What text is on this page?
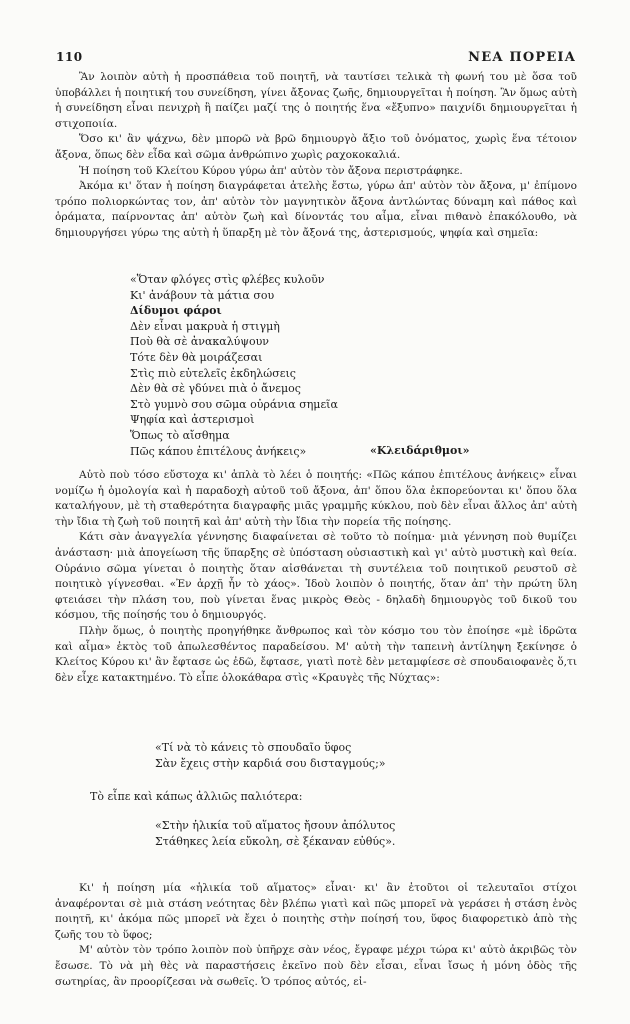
110	ΝΕΑ ΠΟΡΕΙΑ

Ἂν λοιπὸν αὐτὴ ἡ προσπάθεια τοῦ ποιητῆ, νὰ ταυτίσει τελικὰ τὴ φωνή του μὲ ὅσα τοῦ ὑποβάλλει ἡ ποιητική του συνείδηση, γίνει ἄξονας ζωῆς, δημιουργεῖται ἡ ποίηση. Ἂν ὅμως αὐτὴ ἡ συνείδηση εἶναι πενιχρὴ ἢ παίζει μαζί της ὁ ποιητής ἕνα «ἔξυπνο» παιχνίδι δημιουργεῖται ἡ στιχοποιία.

Ὅσο κι' ἂν ψάχνω, δὲν μπορῶ νὰ βρῶ δημιουργὸ ἄξιο τοῦ ὀνόματος, χωρὶς ἕνα τέτοιον ἄξονα, ὅπως δὲν εἶδα καὶ σῶμα ἀνθρώπινο χωρὶς ραχοκοκαλιά.

Ἡ ποίηση τοῦ Κλείτου Κύρου γύρω ἀπ' αὐτὸν τὸν ἄξονα περιστράφηκε.

Ἀκόμα κι' ὅταν ἡ ποίηση διαγράφεται ἀτελὴς ἔστω, γύρω ἀπ' αὐτὸν τὸν ἄξονα, μ' ἐπίμονο τρόπο πολιορκώντας τον, ἀπ' αὐτὸν τὸν μαγνητικὸν ἄξονα ἀντλώντας δύναμη καὶ πάθος καὶ ὁράματα, παίρνοντας ἀπ' αὐτὸν ζωὴ καὶ δίνοντάς του αἷμα, εἶναι πιθανὸ ἐπακόλουθο, νὰ δημιουργήσει γύρω της αὐτὴ ἡ ὕπαρξη μὲ τὸν ἄξονά της, ἀστερισμούς, ψηφία καὶ σημεῖα:

«Ὅταν φλόγες στὶς φλέβες κυλοῦν
Κι' ἀνάβουν τὰ μάτια σου
Δίδυμοι φάροι
Δὲν εἶναι μακρυὰ ἡ στιγμὴ
Ποὺ θὰ σὲ ἀνακαλύψουν
Τότε δὲν θὰ μοιράζεσαι
Στὶς πιὸ εὐτελεῖς ἐκδηλώσεις
Δὲν θὰ σὲ γδύνει πιὰ ὁ ἄνεμος
Στὸ γυμνὸ σου σῶμα οὐράνια σημεῖα
Ψηφία καὶ ἀστερισμοὶ
Ὅπως τὸ αἴσθημα
Πῶς κάπου ἐπιτέλους ἀνήκεις»	«Κλειδάριθμοι»

Αὐτὸ ποὺ τόσο εὔστοχα κι' ἁπλὰ τὸ λέει ὁ ποιητής: «Πῶς κάπου ἐπιτέλους ἀνήκεις» εἶναι νομίζω ἡ ὁμολογία καὶ ἡ παραδοχὴ αὐτοῦ τοῦ ἄξονα, ἀπ' ὅπου ὅλα ἐκπορεύονται κι' ὅπου ὅλα καταλήγουν, μὲ τὴ σταθερότητα διαγραφῆς μιᾶς γραμμῆς κύκλου, ποὺ δὲν εἶναι ἄλλος ἀπ' αὐτὴ τὴν ἴδια τὴ ζωὴ τοῦ ποιητῆ καὶ ἀπ' αὐτὴ τὴν ἴδια τὴν πορεία τῆς ποίησης.

Κάτι σὰν ἀναγγελία γέννησης διαφαίνεται σὲ τοῦτο τὸ ποίημα· μιὰ γέννηση ποὺ θυμίζει ἀνάσταση· μιὰ ἀπογείωση τῆς ὕπαρξης σὲ ὑπόσταση οὐσιαστικὴ καὶ γι' αὐτὸ μυστικὴ καὶ θεία. Οὐράνιο σῶμα γίνεται ὁ ποιητὴς ὅταν αἰσθάνεται τὴ συντέλεια τοῦ ποιητικοῦ ρευστοῦ σὲ ποιητικὸ γίγνεσθαι. «Ἐν ἀρχῇ ἦν τὸ χάος». Ἰδοὺ λοιπὸν ὁ ποιητής, ὅταν ἀπ' τὴν πρώτη ὕλη φτειάσει τὴν πλάση του, ποὺ γίνεται ἕνας μικρὸς Θεὸς - δηλαδὴ δημιουργὸς τοῦ δικοῦ του κόσμου, τῆς ποίησής του ὁ δημιουργός.

Πλὴν ὅμως, ὁ ποιητὴς προηγήθηκε ἄνθρωπος καὶ τὸν κόσμο του τὸν ἐποίησε «μὲ ἱδρῶτα καὶ αἷμα» ἐκτὸς τοῦ ἀπωλεσθέντος παραδείσου. Μ' αὐτὴ τὴν ταπεινὴ ἀντίληψη ξεκίνησε ὁ Κλείτος Κύρου κι' ἂν ἔφτασε ὡς ἐδῶ, ἔφτασε, γιατὶ ποτὲ δὲν μεταμφίεσε σὲ σπουδαιοφανὲς ὅ,τι δὲν εἶχε κατακτημένο. Τὸ εἶπε ὁλοκάθαρα στὶς «Κραυγὲς τῆς Νύχτας»:

«Τί νὰ τὸ κάνεις τὸ σπουδαῖο ὕφος
Σὰν ἔχεις στὴν καρδιά σου δισταγμούς;»
Τὸ εἶπε καὶ κάπως ἀλλιῶς παλιότερα:
«Στὴν ἡλικία τοῦ αἵματος ἤσουν ἀπόλυτος
Στάθηκες λεία εὔκολη, σὲ ξέκαναν εὐθύς».

Κι' ἡ ποίηση μία «ἡλικία τοῦ αἵματος» εἶναι· κι' ἂν ἐτοῦτοι οἱ τελευταῖοι στίχοι ἀναφέρονται σὲ μιὰ στάση νεότητας δὲν βλέπω γιατὶ καὶ πῶς μπορεῖ νὰ γεράσει ἡ στάση ἑνὸς ποιητῆ, κι' ἀκόμα πῶς μπορεῖ νὰ ἔχει ὁ ποιητὴς στὴν ποίησή του, ὕφος διαφορετικὸ ἀπὸ τὴς ζωῆς του τὸ ὕφος;

Μ' αὐτὸν τὸν τρόπο λοιπὸν ποὺ ὑπῆρχε σὰν νέος, ἔγραφε μέχρι τώρα κι' αὐτὸ ἀκριβῶς τὸν ἔσωσε. Τὸ νὰ μὴ θὲς νὰ παραστήσεις ἐκεῖνο ποὺ δὲν εἶσαι, εἶναι ἴσως ἡ μόνη ὁδὸς τῆς σωτηρίας, ἂν προορίζεσαι νὰ σωθεῖς. Ὁ τρόπος αὐτός, εἰ-
